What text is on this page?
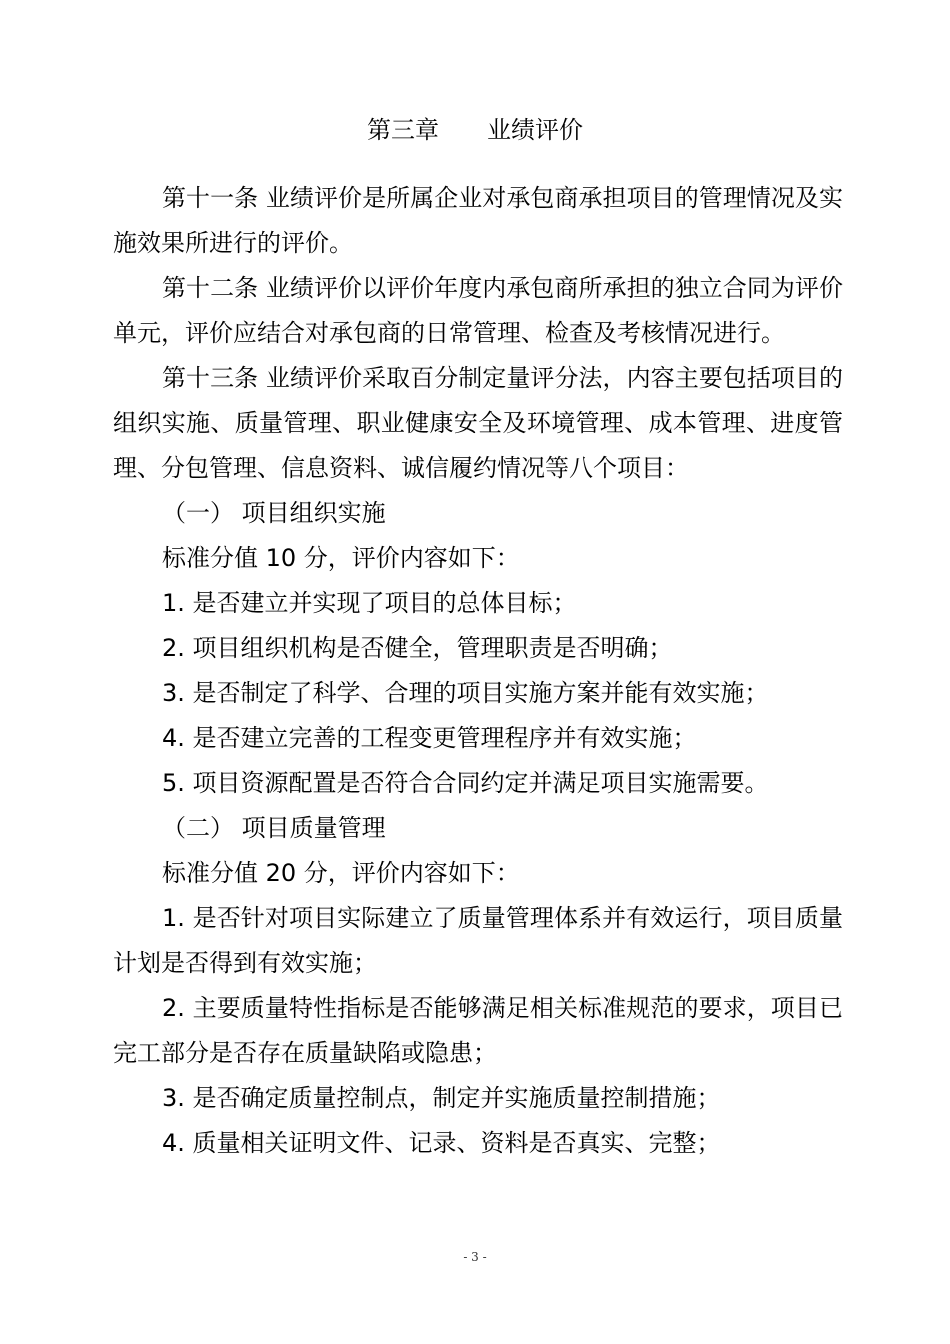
第三章　　业绩评价

第十一条 业绩评价是所属企业对承包商承担项目的管理情况及实施效果所进行的评价。

第十二条 业绩评价以评价年度内承包商所承担的独立合同为评价单元，评价应结合对承包商的日常管理、检查及考核情况进行。

第十三条 业绩评价采取百分制定量评分法，内容主要包括项目的组织实施、质量管理、职业健康安全及环境管理、成本管理、进度管理、分包管理、信息资料、诚信履约情况等八个项目：

（一） 项目组织实施

标准分值 10 分，评价内容如下：

1. 是否建立并实现了项目的总体目标；

2. 项目组织机构是否健全，管理职责是否明确；

3. 是否制定了科学、合理的项目实施方案并能有效实施；

4. 是否建立完善的工程变更管理程序并有效实施；

5. 项目资源配置是否符合合同约定并满足项目实施需要。

（二） 项目质量管理

标准分值 20 分，评价内容如下：

1. 是否针对项目实际建立了质量管理体系并有效运行，项目质量计划是否得到有效实施；

2. 主要质量特性指标是否能够满足相关标准规范的要求，项目已完工部分是否存在质量缺陷或隐患；

3. 是否确定质量控制点，制定并实施质量控制措施；

4. 质量相关证明文件、记录、资料是否真实、完整；

- 3 -
